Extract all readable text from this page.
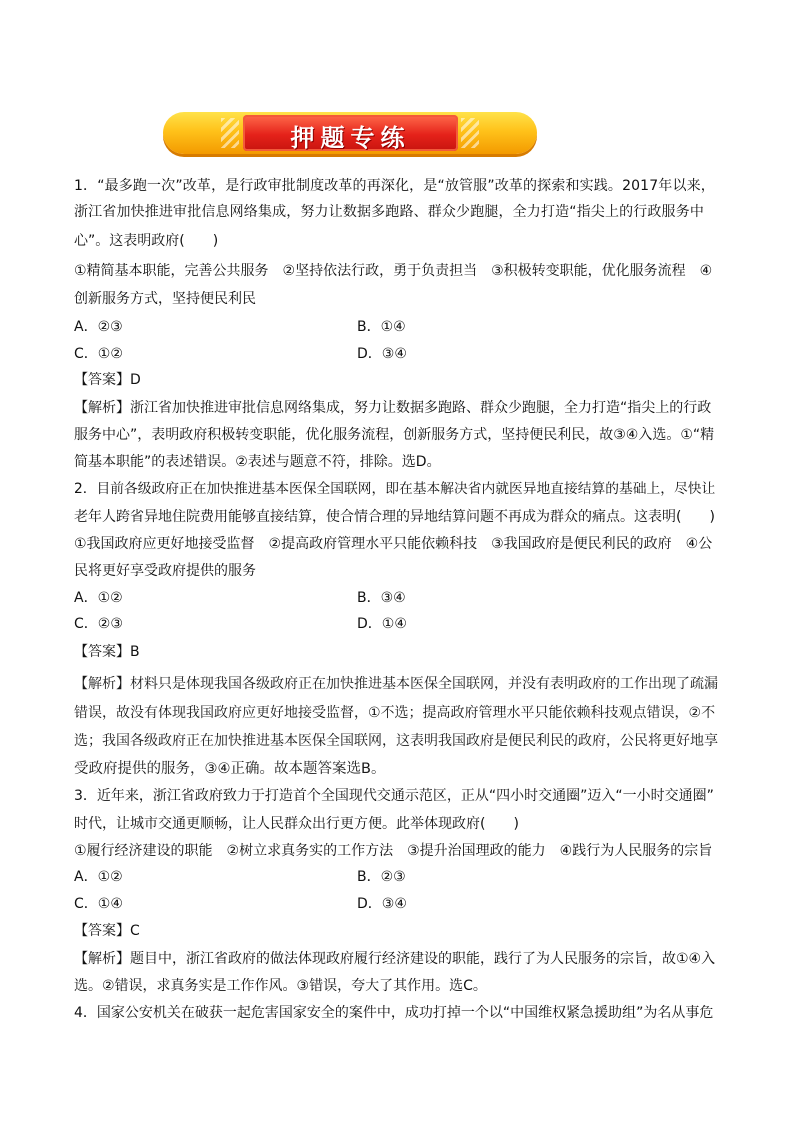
押题专练
1．“最多跑一次”改革，是行政审批制度改革的再深化，是“放管服”改革的探索和实践。2017年以来，
浙江省加快推进审批信息网络集成，努力让数据多跑路、群众少跑腿，全力打造“指尖上的行政服务中
心”。这表明政府(　　)
①精简基本职能，完善公共服务　②坚持依法行政，勇于负责担当　③积极转变职能，优化服务流程　④
创新服务方式，坚持便民利民
A．②③	B．①④
C．①②	D．③④
【答案】D
【解析】浙江省加快推进审批信息网络集成，努力让数据多跑路、群众少跑腿，全力打造“指尖上的行政
服务中心”，表明政府积极转变职能，优化服务流程，创新服务方式，坚持便民利民，故③④入选。①“精
简基本职能”的表述错误。②表述与题意不符，排除。选D。
2．目前各级政府正在加快推进基本医保全国联网，即在基本解决省内就医异地直接结算的基础上，尽快让
老年人跨省异地住院费用能够直接结算，使合情合理的异地结算问题不再成为群众的痛点。这表明(　　)
①我国政府应更好地接受监督　②提高政府管理水平只能依赖科技　③我国政府是便民利民的政府　④公
民将更好享受政府提供的服务
A．①②	B．③④
C．②③	D．①④
【答案】B
【解析】材料只是体现我国各级政府正在加快推进基本医保全国联网，并没有表明政府的工作出现了疏漏
错误，故没有体现我国政府应更好地接受监督，①不选；提高政府管理水平只能依赖科技观点错误，②不
选；我国各级政府正在加快推进基本医保全国联网，这表明我国政府是便民利民的政府，公民将更好地享
受政府提供的服务，③④正确。故本题答案选B。
3．近年来，浙江省政府致力于打造首个全国现代交通示范区，正从“四小时交通圈”迈入“一小时交通圈”
时代，让城市交通更顺畅，让人民群众出行更方便。此举体现政府(　　)
①履行经济建设的职能　②树立求真务实的工作方法　③提升治国理政的能力　④践行为人民服务的宗旨
A．①②	B．②③
C．①④	D．③④
【答案】C
【解析】题目中，浙江省政府的做法体现政府履行经济建设的职能，践行了为人民服务的宗旨，故①④入
选。②错误，求真务实是工作作风。③错误，夸大了其作用。选C。
4．国家公安机关在破获一起危害国家安全的案件中，成功打掉一个以“中国维权紧急援助组”为名从事危
